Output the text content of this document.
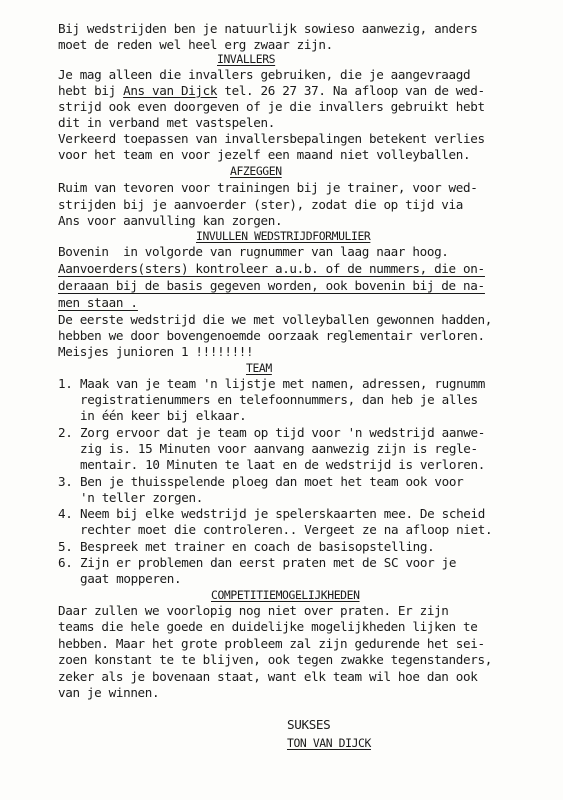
Bij wedstrijden ben je natuurlijk sowieso aanwezig, anders
moet de reden wel heel erg zwaar zijn.
INVALLERS
Je mag alleen die invallers gebruiken, die je aangevraagd
hebt bij Ans van Dijck tel. 26 27 37. Na afloop van de wed-
strijd ook even doorgeven of je die invallers gebruikt hebt
dit in verband met vastspelen.
Verkeerd toepassen van invallersbepalingen betekent verlies
voor het team en voor jezelf een maand niet volleyballen.
AFZEGGEN
Ruim van tevoren voor trainingen bij je trainer, voor wed-
strijden bij je aanvoerder (ster), zodat die op tijd via
Ans voor aanvulling kan zorgen.
INVULLEN WEDSTRIJDFORMULIER
Bovenin  in volgorde van rugnummer van laag naar hoog.
Aanvoerders(sters) kontroleer a.u.b. of de nummers, die on-
deraaan bij de basis gegeven worden, ook bovenin bij de na-
men staan .
De eerste wedstrijd die we met volleyballen gewonnen hadden,
hebben we door bovengenoemde oorzaak reglementair verloren.
Meisjes junioren 1 !!!!!!!!
TEAM
1. Maak van je team 'n lijstje met namen, adressen, rugnumm
registratienummers en telefoonnummers, dan heb je alles
in één keer bij elkaar.
2. Zorg ervoor dat je team op tijd voor 'n wedstrijd aanwe-
zig is. 15 Minuten voor aanvang aanwezig zijn is regle-
mentair. 10 Minuten te laat en de wedstrijd is verloren.
3. Ben je thuisspelende ploeg dan moet het team ook voor
'n teller zorgen.
4. Neem bij elke wedstrijd je spelerskaarten mee. De scheid
rechter moet die controleren.. Vergeet ze na afloop niet.
5. Bespreek met trainer en coach de basisopstelling.
6. Zijn er problemen dan eerst praten met de SC voor je
gaat mopperen.
COMPETITIEMOGELIJKHEDEN
Daar zullen we voorlopig nog niet over praten. Er zijn
teams die hele goede en duidelijke mogelijkheden lijken te
hebben. Maar het grote probleem zal zijn gedurende het sei-
zoen konstant te te blijven, ook tegen zwakke tegenstanders,
zeker als je bovenaan staat, want elk team wil hoe dan ook
van je winnen.
SUKSES
TON VAN DIJCK
